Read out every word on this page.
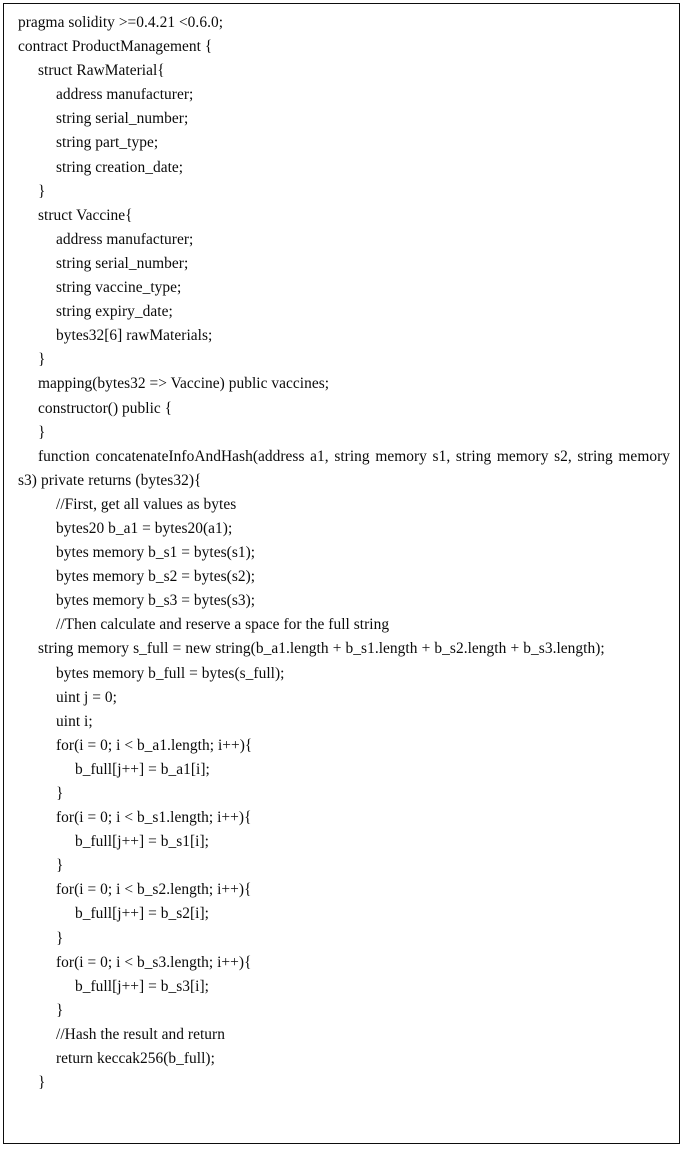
pragma solidity >=0.4.21 <0.6.0;
contract ProductManagement {
struct RawMaterial{
address manufacturer;
string serial_number;
string part_type;
string creation_date;
}
struct Vaccine{
address manufacturer;
string serial_number;
string vaccine_type;
string expiry_date;
bytes32[6] rawMaterials;
}
mapping(bytes32 => Vaccine) public vaccines;
constructor() public {
}
function concatenateInfoAndHash(address a1, string memory s1, string memory s2, string memory s3) private returns (bytes32){
//First, get all values as bytes
bytes20 b_a1 = bytes20(a1);
bytes memory b_s1 = bytes(s1);
bytes memory b_s2 = bytes(s2);
bytes memory b_s3 = bytes(s3);
//Then calculate and reserve a space for the full string
string memory s_full = new string(b_a1.length + b_s1.length + b_s2.length + b_s3.length);
bytes memory b_full = bytes(s_full);
uint j = 0;
uint i;
for(i = 0; i < b_a1.length; i++){
b_full[j++] = b_a1[i];
}
for(i = 0; i < b_s1.length; i++){
b_full[j++] = b_s1[i];
}
for(i = 0; i < b_s2.length; i++){
b_full[j++] = b_s2[i];
}
for(i = 0; i < b_s3.length; i++){
b_full[j++] = b_s3[i];
}
//Hash the result and return
return keccak256(b_full);
}
